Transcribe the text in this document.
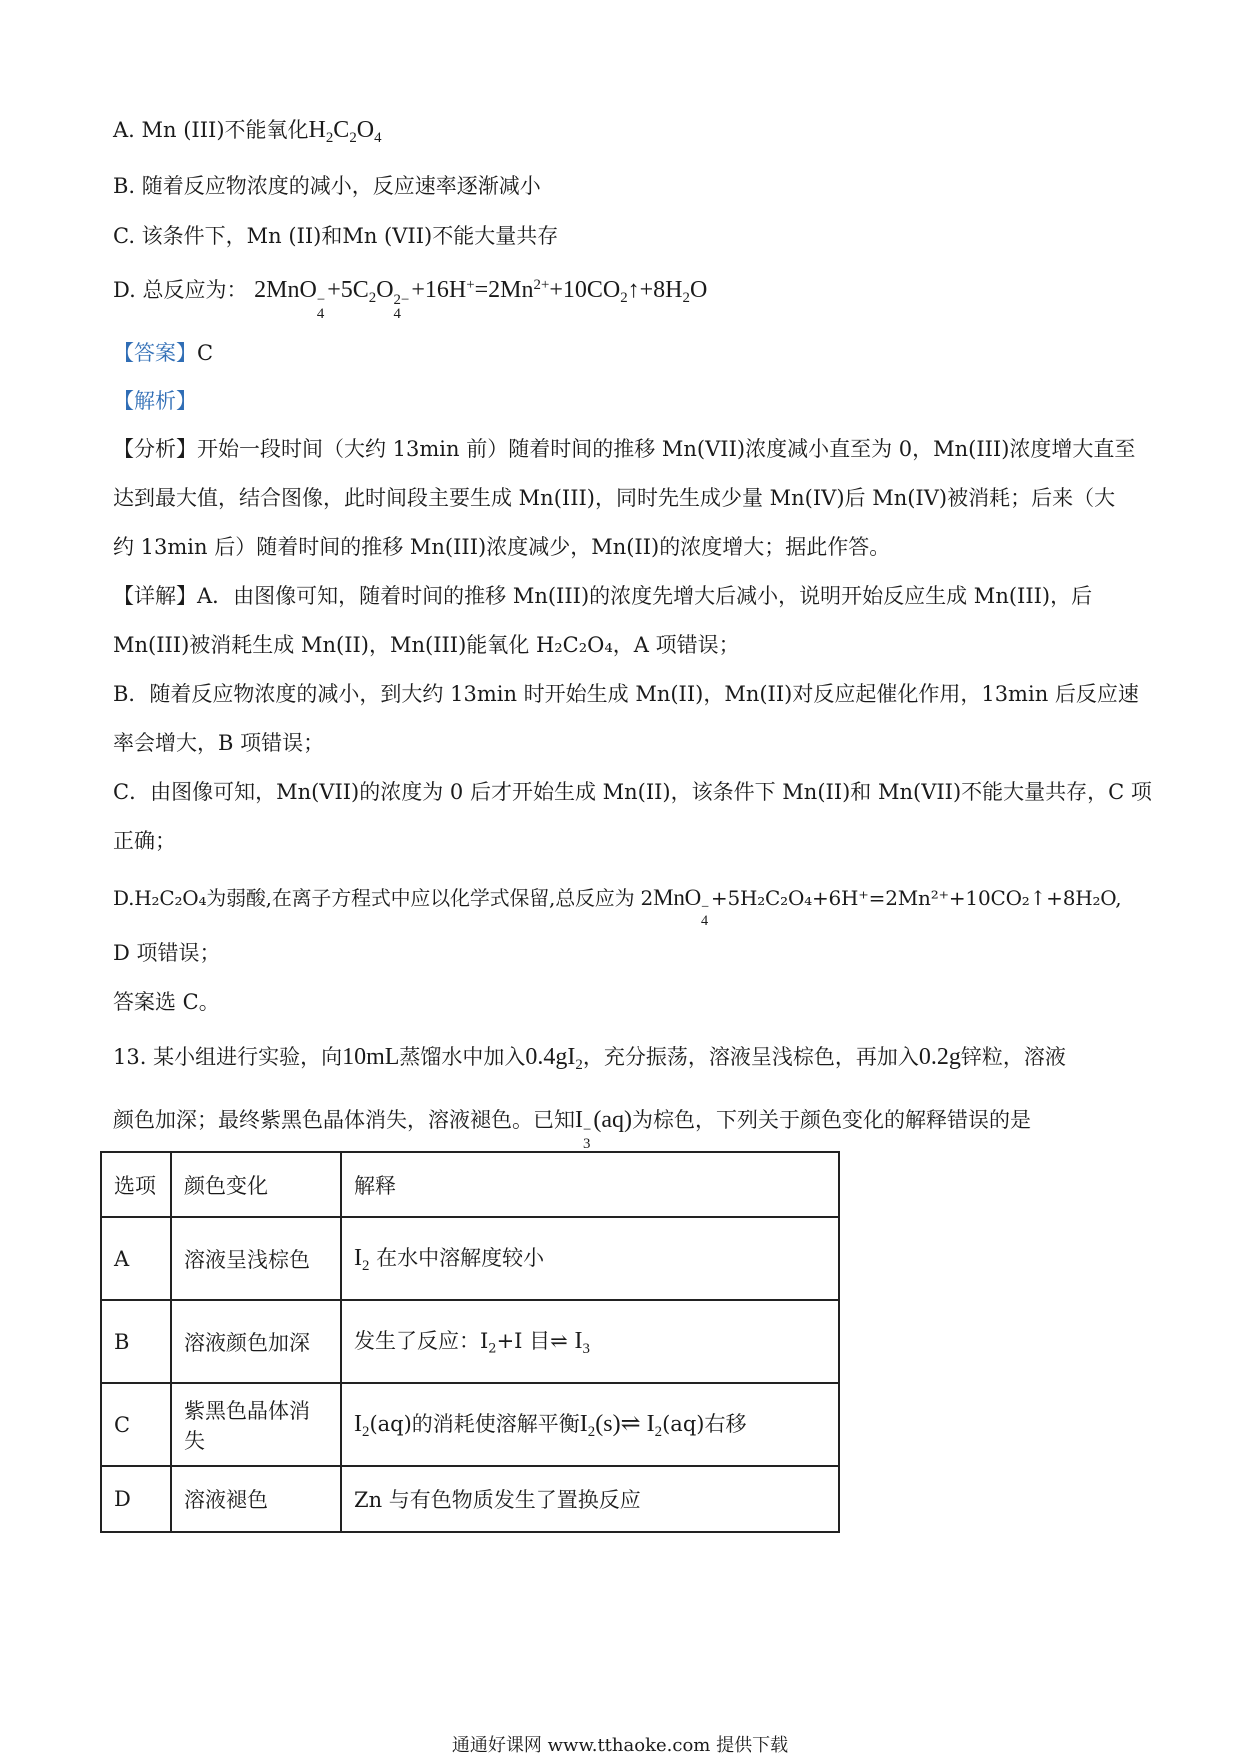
A. Mn (III)不能氧化$H_2C_2O_4$
B. 随着反应物浓度的减小，反应速率逐渐减小
C. 该条件下，Mn (II)和Mn (VII)不能大量共存
D. 总反应为： 2MnO −
4
$+5C_2O$ 2−
4
$+16H^+=2Mn^{2+}+10CO_2↑+8H_2O$
【答案】C
【解析】
【分析】开始一段时间（大约 13min 前）随着时间的推移 Mn(VII)浓度减小直至为 0，Mn(III)浓度增大直至
达到最大值，结合图像，此时间段主要生成 Mn(III)，同时先生成少量 Mn(IV)后 Mn(IV)被消耗；后来（大
约 13min 后）随着时间的推移 Mn(III)浓度减少，Mn(II)的浓度增大；据此作答。
【详解】A．由图像可知，随着时间的推移 Mn(III)的浓度先增大后减小，说明开始反应生成 Mn(III)，后
Mn(III)被消耗生成 Mn(II)，Mn(III)能氧化 H₂C₂O₄，A 项错误；
B．随着反应物浓度的减小，到大约 13min 时开始生成 Mn(II)，Mn(II)对反应起催化作用，13min 后反应速
率会增大，B 项错误；
C．由图像可知，Mn(VII)的浓度为 0 后才开始生成 Mn(II)，该条件下 Mn(II)和 Mn(VII)不能大量共存，C 项
正确；
D.H₂C₂O₄为弱酸,在离子方程式中应以化学式保留,总反应为 2MnO −
4
+5H₂C₂O₄+6H⁺=2Mn²⁺+10CO₂↑+8H₂O,
D 项错误；
答案选 C。
13. 某小组进行实验，向10mL蒸馏水中加入$0.4gI_2$，充分振荡，溶液呈浅棕色，再加入0.2g锌粒，溶液
颜色加深；最终紫黑色晶体消失，溶液褪色。已知I −
3
(aq)为棕色，下列关于颜色变化的解释错误的是
选项	颜色变化	解释
A	溶液呈浅棕色	$I_2$ 在水中溶解度较小
B	溶液颜色加深	发生了反应：$I_2+I$ 目⇌ $I_3$
C	紫黑色晶体消失	$I_2(aq)$的消耗使溶解平衡$I_2(s)\rightleftharpoons$ $I_2(aq)$右移
D	溶液褪色	Zn 与有色物质发生了置换反应
通通好课网 www.tthaoke.com 提供下载
